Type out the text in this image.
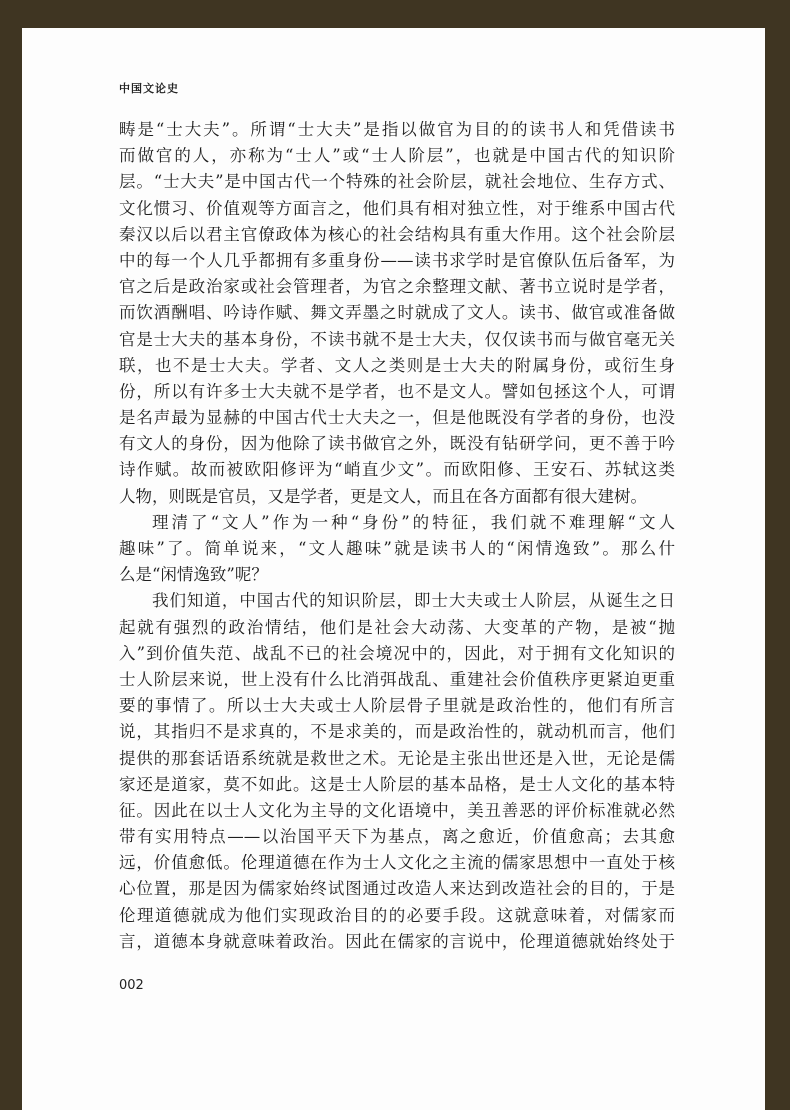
中国文论史
畴是“士大夫”。所谓“士大夫”是指以做官为目的的读书人和凭借读书
而做官的人，亦称为“士人”或“士人阶层”，也就是中国古代的知识阶
层。“士大夫”是中国古代一个特殊的社会阶层，就社会地位、生存方式、
文化惯习、价值观等方面言之，他们具有相对独立性，对于维系中国古代
秦汉以后以君主官僚政体为核心的社会结构具有重大作用。这个社会阶层
中的每一个人几乎都拥有多重身份——读书求学时是官僚队伍后备军，为
官之后是政治家或社会管理者，为官之余整理文献、著书立说时是学者，
而饮酒酬唱、吟诗作赋、舞文弄墨之时就成了文人。读书、做官或准备做
官是士大夫的基本身份，不读书就不是士大夫，仅仅读书而与做官毫无关
联，也不是士大夫。学者、文人之类则是士大夫的附属身份，或衍生身
份，所以有许多士大夫就不是学者，也不是文人。譬如包拯这个人，可谓
是名声最为显赫的中国古代士大夫之一，但是他既没有学者的身份，也没
有文人的身份，因为他除了读书做官之外，既没有钻研学问，更不善于吟
诗作赋。故而被欧阳修评为“峭直少文”。而欧阳修、王安石、苏轼这类
人物，则既是官员，又是学者，更是文人，而且在各方面都有很大建树。
理清了“文人”作为一种“身份”的特征，我们就不难理解“文人
趣味”了。简单说来，“文人趣味”就是读书人的“闲情逸致”。那么什
么是“闲情逸致”呢？
我们知道，中国古代的知识阶层，即士大夫或士人阶层，从诞生之日
起就有强烈的政治情结，他们是社会大动荡、大变革的产物，是被“抛
入”到价值失范、战乱不已的社会境况中的，因此，对于拥有文化知识的
士人阶层来说，世上没有什么比消弭战乱、重建社会价值秩序更紧迫更重
要的事情了。所以士大夫或士人阶层骨子里就是政治性的，他们有所言
说，其指归不是求真的，不是求美的，而是政治性的，就动机而言，他们
提供的那套话语系统就是救世之术。无论是主张出世还是入世，无论是儒
家还是道家，莫不如此。这是士人阶层的基本品格，是士人文化的基本特
征。因此在以士人文化为主导的文化语境中，美丑善恶的评价标准就必然
带有实用特点——以治国平天下为基点，离之愈近，价值愈高；去其愈
远，价值愈低。伦理道德在作为士人文化之主流的儒家思想中一直处于核
心位置，那是因为儒家始终试图通过改造人来达到改造社会的目的，于是
伦理道德就成为他们实现政治目的的必要手段。这就意味着，对儒家而
言，道德本身就意味着政治。因此在儒家的言说中，伦理道德就始终处于
002
